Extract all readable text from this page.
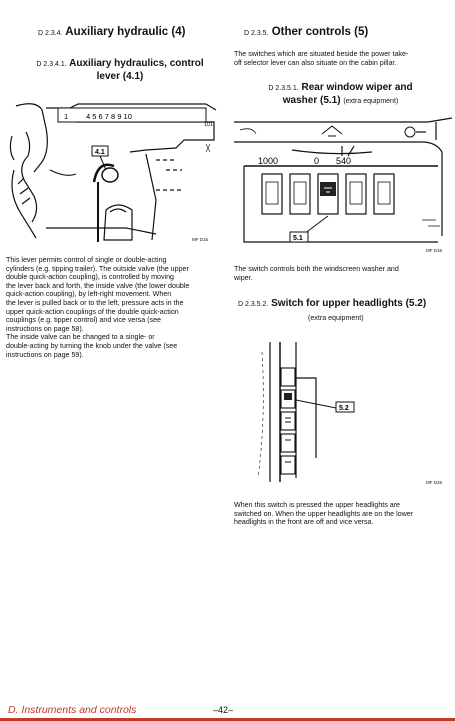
D 2.3.4. Auxiliary hydraulic (4)
D 2.3.4.1. Auxiliary hydraulics, control
lever (4.1)
1 4 5 6 7 8 9 10
101
4.1
MF D15
This lever permits control of single or double-acting
cylinders (e.g. tipping trailer). The outside valve (the upper
double quick-action coupling), is controlled by moving
the lever back and forth, the inside valve (the lower double
quick-action coupling), by left-right movement. When
the lever is pulled back or to the left, pressure acts in the
upper quick-action couplings of the double quick-action
couplings (e.g. tipper control) and vice versa (see
instructions on page 58).
The inside valve can be changed to a single- or
double-acting by turning the knob under the valve (see
instructions on page 59).
D 2.3.5. Other controls (5)
The switches which are situated beside the power take-
off selector lever can also situate on the cabin pillar.
D 2.3.5.1. Rear window wiper and
washer (5.1) (extra equipment)
1000	0 540
5.1
MF D16
The switch controls both the windscreen washer and
wiper.
D 2.3.5.2. Switch for upper headlights (5.2)
(extra equipment)
5.2
MF D26
When this switch is pressed the upper headlights are
switched on. When the upper headlights are on the lower
headlights in the front are off and vice versa.
D. Instruments and controls	–42–
